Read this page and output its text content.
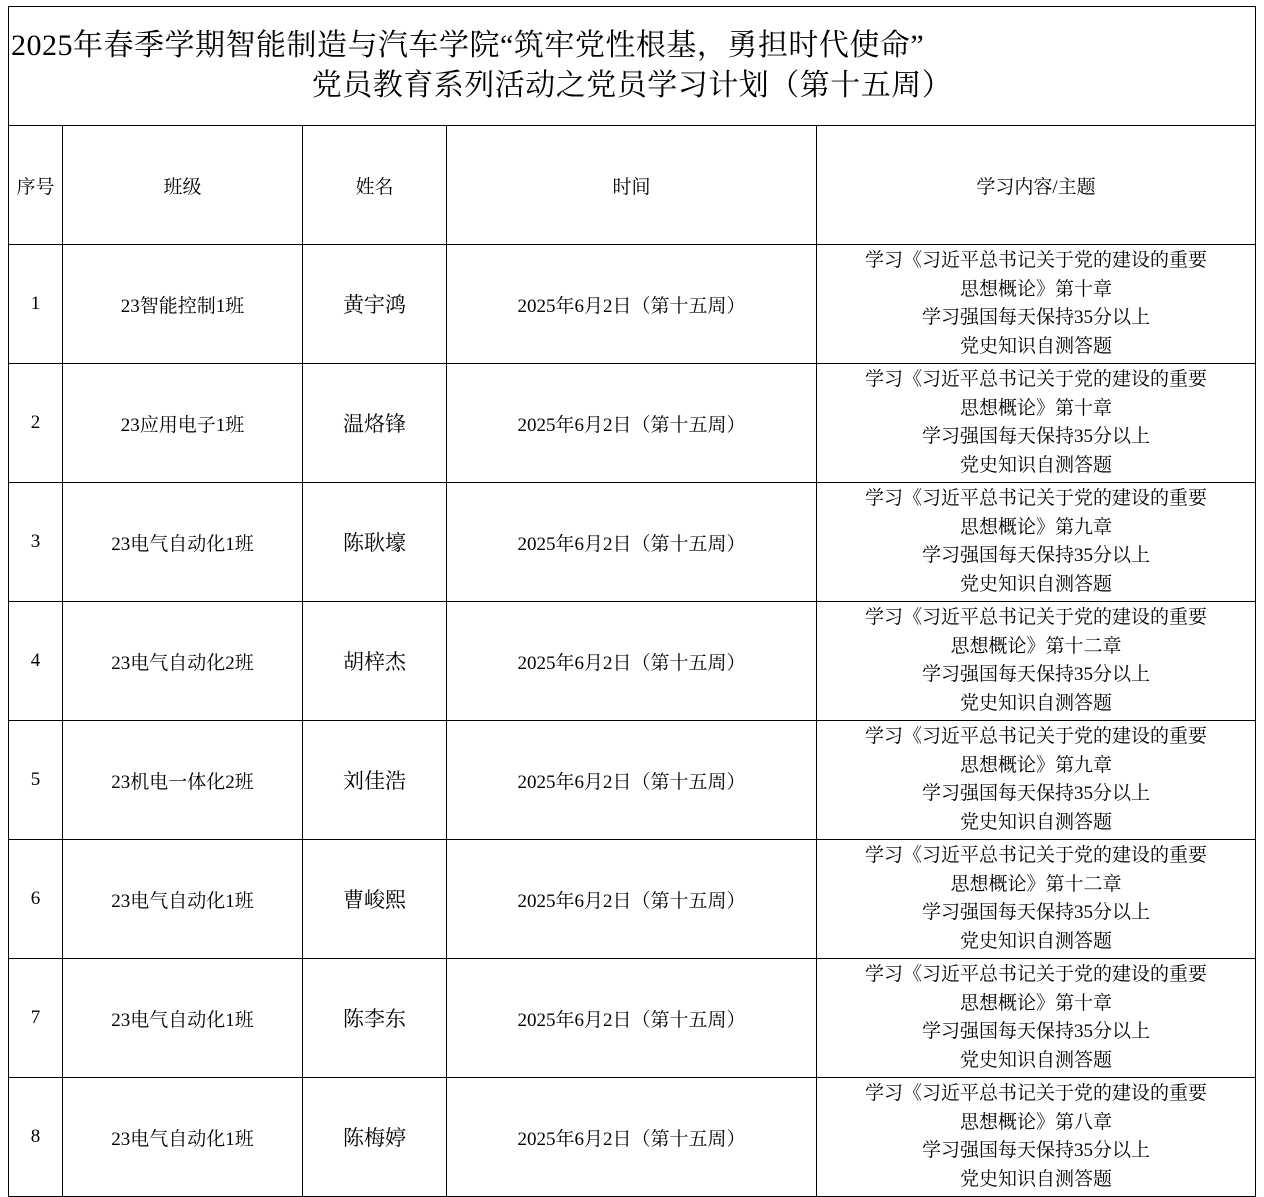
2025年春季学期智能制造与汽车学院“筑牢党性根基，勇担时代使命”
党员教育系列活动之党员学习计划（第十五周）				

序号	班级	姓名	时间	学习内容/主题
1	23智能控制1班	黄宇鸿	2025年6月2日（第十五周）	学习《习近平总书记关于党的建设的重要
思想概论》第十章
学习强国每天保持35分以上
党史知识自测答题

2	23应用电子1班	温烙锋	2025年6月2日（第十五周）	学习《习近平总书记关于党的建设的重要
思想概论》第十章
学习强国每天保持35分以上
党史知识自测答题

3	23电气自动化1班	陈耿壕	2025年6月2日（第十五周）	学习《习近平总书记关于党的建设的重要
思想概论》第九章
学习强国每天保持35分以上
党史知识自测答题

4	23电气自动化2班	胡梓杰	2025年6月2日（第十五周）	学习《习近平总书记关于党的建设的重要
思想概论》第十二章
学习强国每天保持35分以上
党史知识自测答题

5	23机电一体化2班	刘佳浩	2025年6月2日（第十五周）	学习《习近平总书记关于党的建设的重要
思想概论》第九章
学习强国每天保持35分以上
党史知识自测答题

6	23电气自动化1班	曹峻熙	2025年6月2日（第十五周）	学习《习近平总书记关于党的建设的重要
思想概论》第十二章
学习强国每天保持35分以上
党史知识自测答题

7	23电气自动化1班	陈李东	2025年6月2日（第十五周）	学习《习近平总书记关于党的建设的重要
思想概论》第十章
学习强国每天保持35分以上
党史知识自测答题

8	23电气自动化1班	陈梅婷	2025年6月2日（第十五周）	学习《习近平总书记关于党的建设的重要
思想概论》第八章
学习强国每天保持35分以上
党史知识自测答题
